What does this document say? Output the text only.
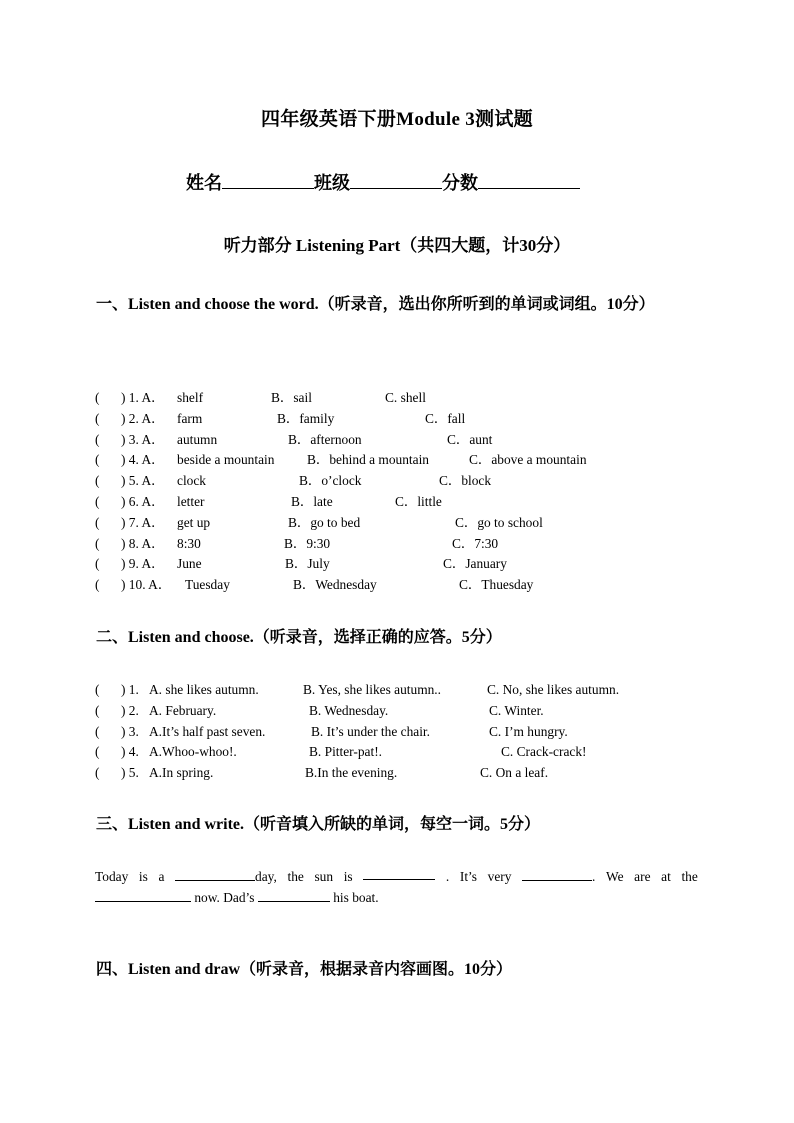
四年级英语下册Module 3测试题
姓名	班级	分数
听力部分 Listening Part（共四大题，计30分）
一、Listen and choose the word.（听录音，选出你所听到的单词或词组。10分）
( ) 1. A． shelf	B．sail	C. shell
( ) 2. A． farm	B．family	C．fall
( ) 3. A． autumn	B．afternoon	C．aunt
( ) 4. A． beside a mountain B．behind a mountain	C．above a mountain
( ) 5. A． clock	B．o’clock	C．block
( ) 6. A． letter	B．late	C．little
( ) 7. A． get up	B．go to bed	C．go to school
( ) 8. A． 8:30	B．9:30	C．7:30
( ) 9. A． June	B．July	C．January
( ) 10. A． Tuesday	B．Wednesday	C．Thuesday
二、Listen and choose.（听录音，选择正确的应答。5分）
( ) 1. A. she likes autumn.	B. Yes, she likes autumn..	C. No, she likes autumn.
( ) 2. A. February.	B. Wednesday.	C. Winter.
( ) 3. A.It’s half past seven.	B. It’s under the chair.	C. I’m hungry.
( ) 4. A.Whoo-whoo!.	B. Pitter-pat!.	C. Crack-crack!
( ) 5. A.In spring.	B.In the evening.	C. On a leaf.
三、Listen and write.（听音填入所缺的单词，每空一词。5分）
Today is a	day, the sun is	. It’s very	. We are at the
now. Dad’s	his boat.
四、Listen and draw（听录音，根据录音内容画图。10分）
